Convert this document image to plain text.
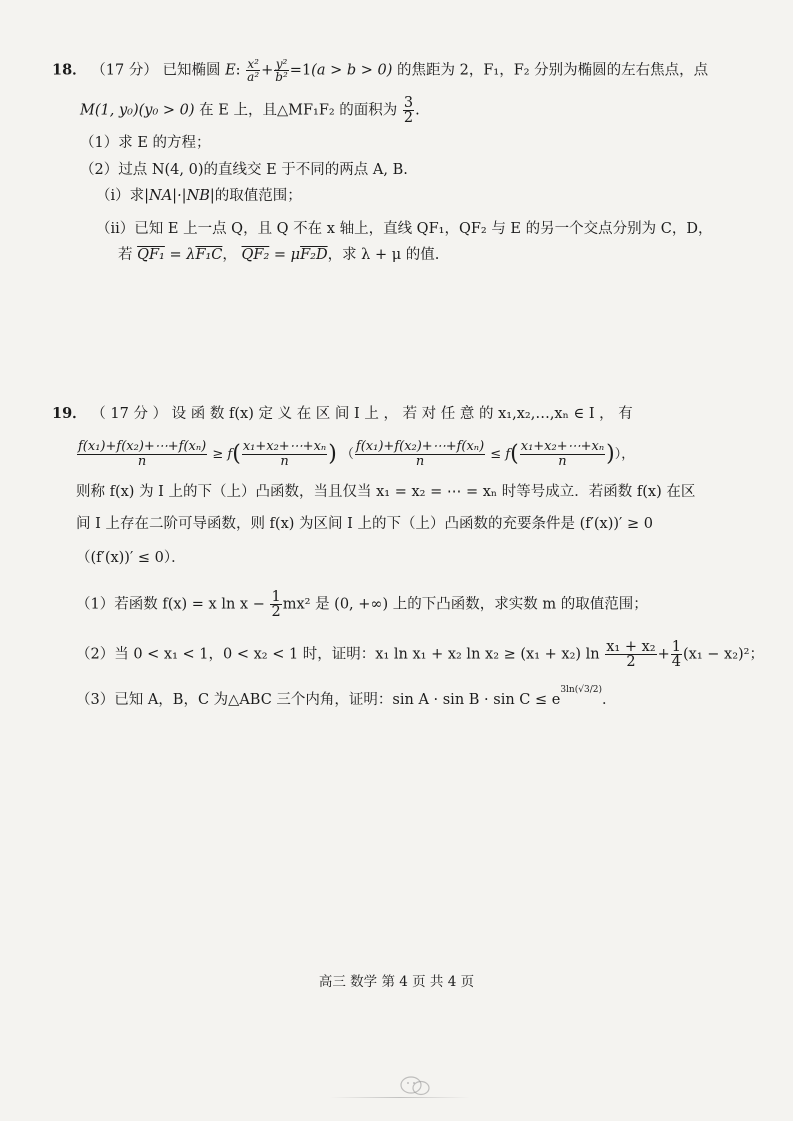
18． （17 分） 已知椭圆 E: $\frac{\text{x²}}{\text{a²}} + \frac{\text{y²}}{\text{b²}} =1(a > b > 0)$ 的焦距为 2，F₁，F₂ 分别为椭圆的左右焦点，点
M(1, y₀)(y₀ > 0) 在 E 上，且△MF₁F₂ 的面积为 $\frac{3}{2}$ .
（1）求 E 的方程；
（2）过点 N(4, 0)的直线交 E 于不同的两点 A, B.
（i）求|NA|·|NB|的取值范围；
（ii）已知 E 上一点 Q，且 Q 不在 x 轴上，直线 QF₁，QF₂ 与 E 的另一个交点分别为 C，D，
若 QF₁ = λF₁C， QF₂ = μF₂D，求 λ + μ 的值.
19． （ 17 分 ） 设 函 数 f(x) 定 义 在 区 间 I 上 ， 若 对 任 意 的 x₁,x₂,…,xₙ ∈ I ， 有
$\frac{\text{f(x₁)+f(x₂)+⋯+f(xₙ)}}{n} \ge f( \frac{\text{x₁+x₂+⋯+xₙ}}{n}$ ) （ $\frac{\text{f(x₁)+f(x₂)+⋯+f(xₙ)}}{n} \le f( \frac{\text{x₁+x₂+⋯+xₙ}}{n}$ )），
则称 f(x) 为 I 上的下（上）凸函数，当且仅当 x₁ = x₂ = ⋯ = xₙ 时等号成立．若函数 f(x) 在区
间 I 上存在二阶可导函数，则 f(x) 为区间 I 上的下（上）凸函数的充要条件是 (f′(x))′ ≥ 0
（(f′(x))′ ≤ 0）．
（1）若函数 f(x) = x $\ln x - \frac{1}{2} mx^2$ 是 (0, +∞) 上的下凸函数，求实数 m 的取值范围；
（2）当 0 < x₁ < 1，0 < x₂ < 1 时，证明：x₁ ln x₁ + x₂ ln x₂ ≥ (x₁ + x₂) $\ln \frac{\text{x₁ + x₂}}{2} + \frac{1}{4} (x_1 - x_2)^2$；
（3）已知 A，B，C 为△ABC 三个内角，证明：$\sin A \cdot \sin B \cdot \sin C \le e^{3ln(√3/2)}$．
高三 数学 第 4 页 共 4 页
